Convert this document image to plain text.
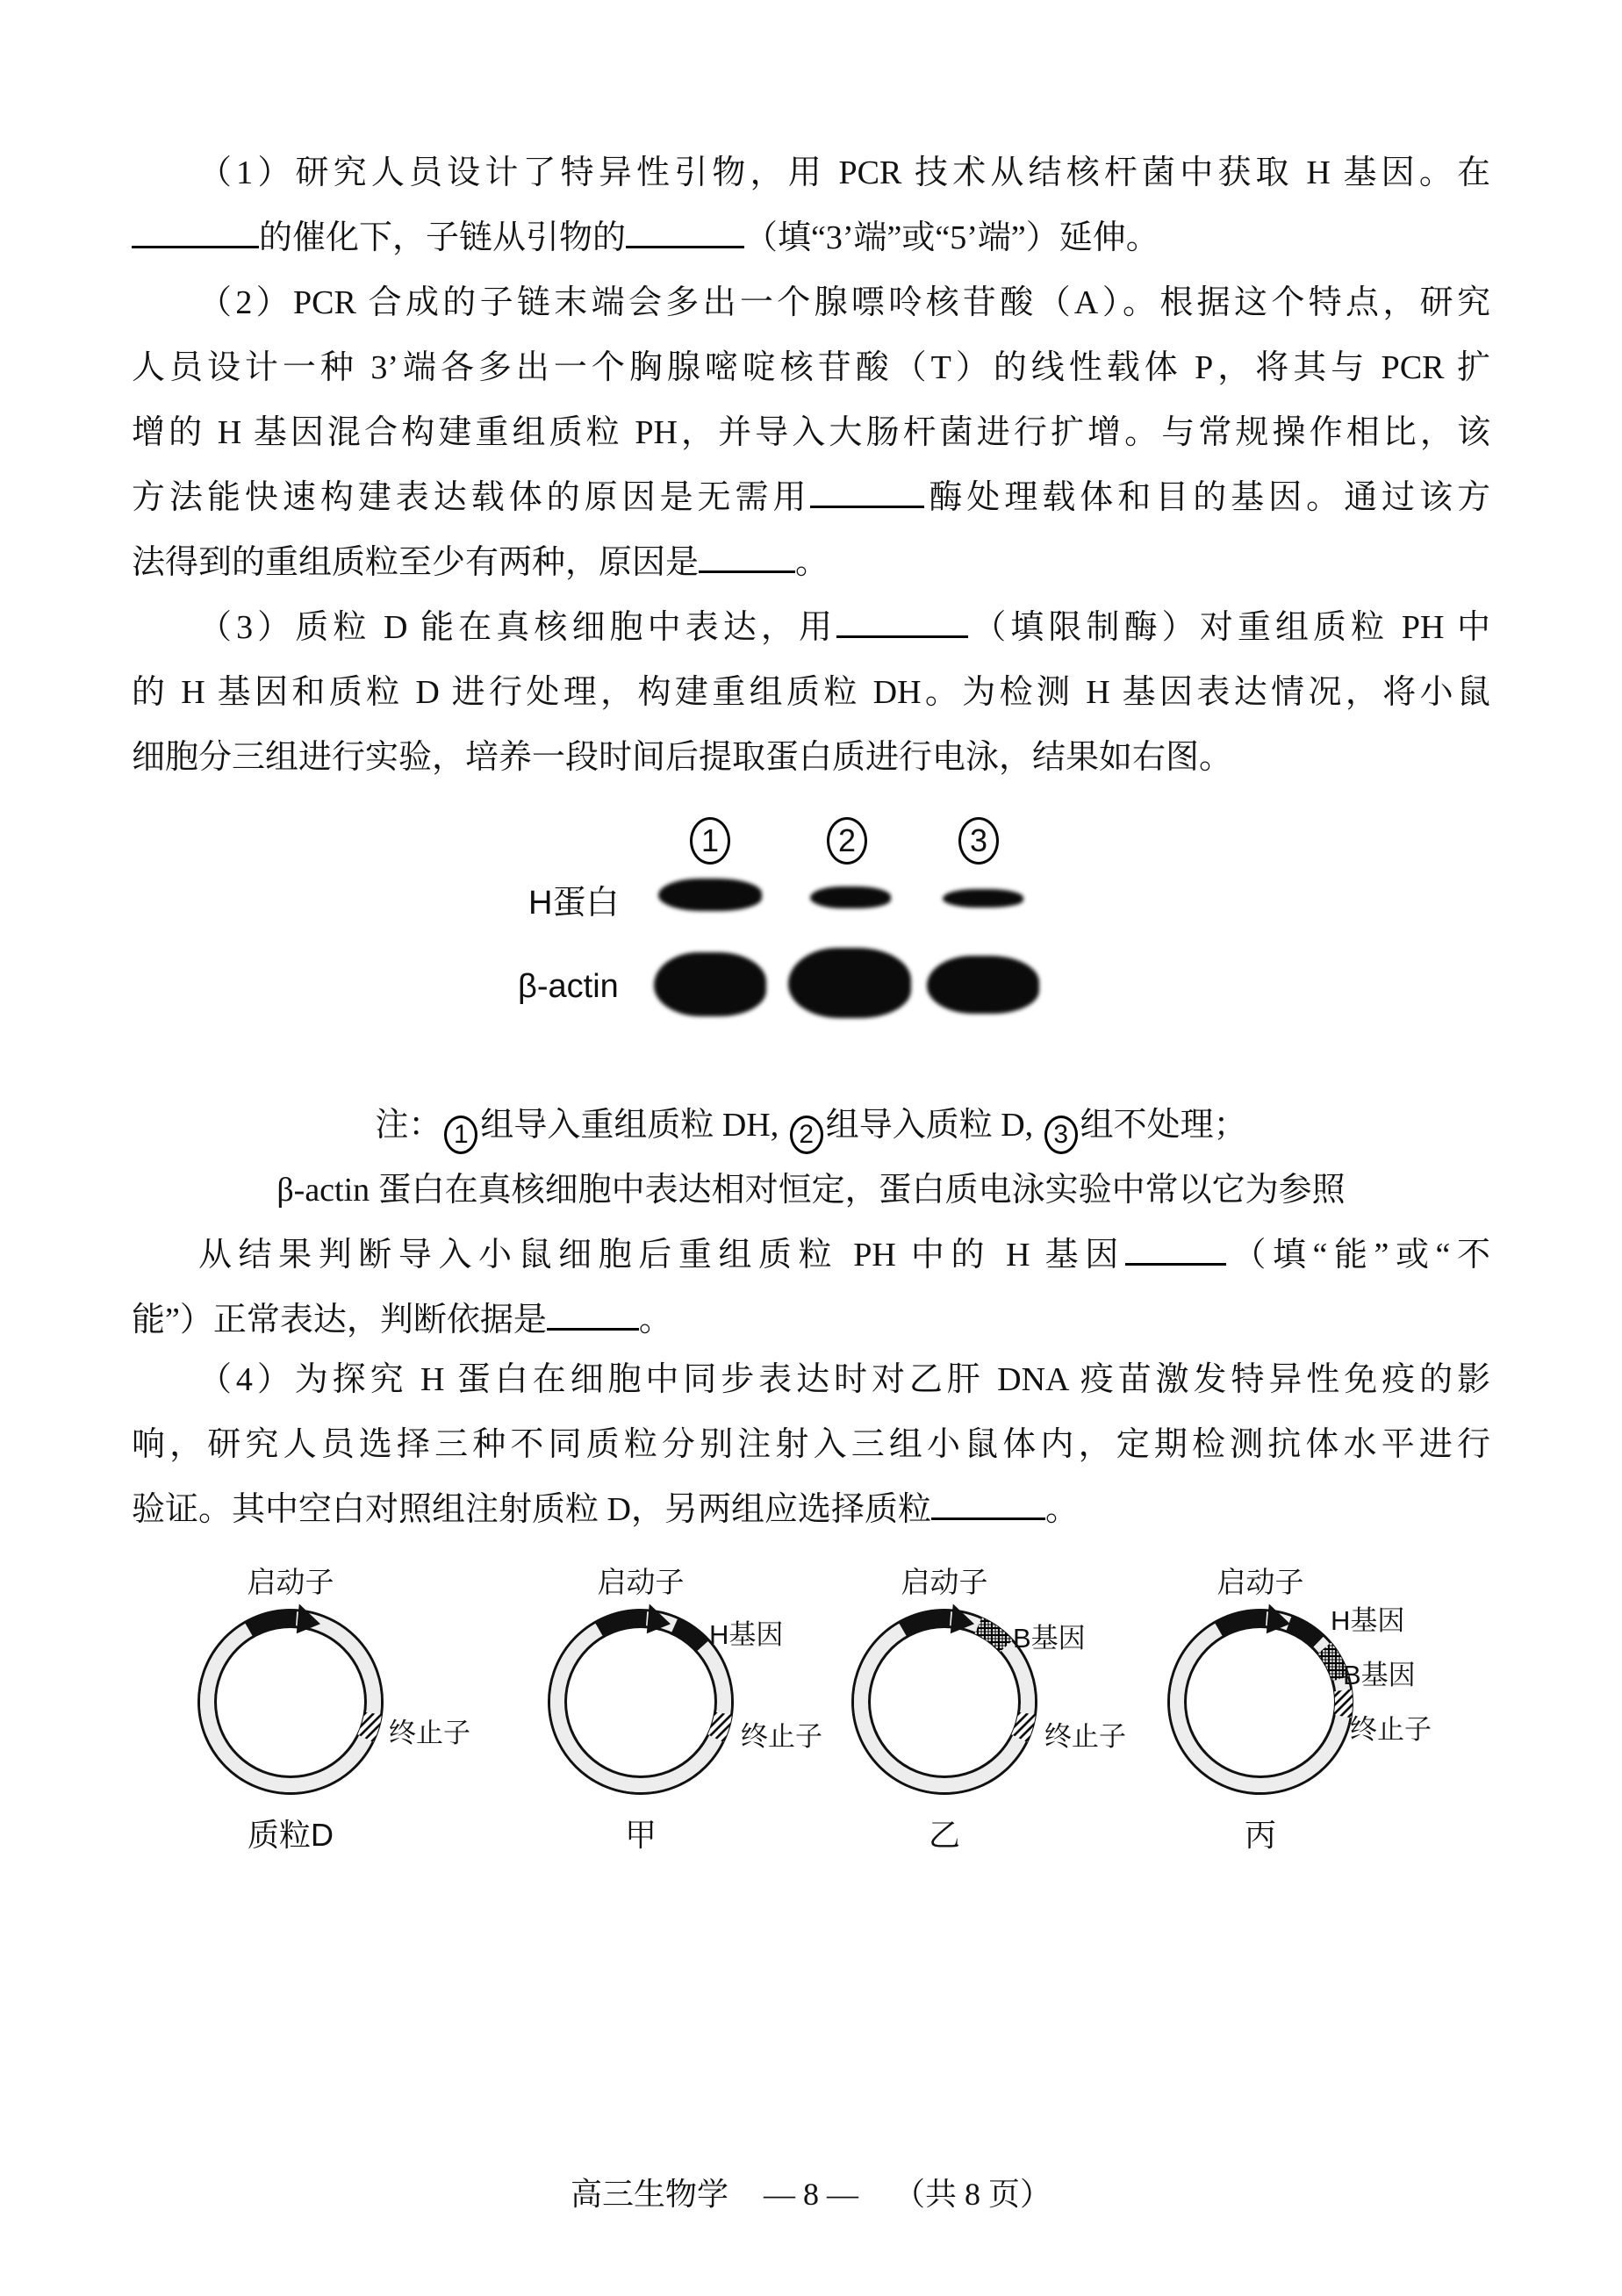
（1）研究人员设计了特异性引物，用 PCR 技术从结核杆菌中获取 H 基因。在
的催化下，子链从引物的	（填“3’端”或“5’端”）延伸。
（2）PCR 合成的子链末端会多出一个腺嘌呤核苷酸（A）。根据这个特点，研究
人员设计一种 3’端各多出一个胸腺嘧啶核苷酸（T）的线性载体 P，将其与 PCR 扩
增的 H 基因混合构建重组质粒 PH，并导入大肠杆菌进行扩增。与常规操作相比，该
方法能快速构建表达载体的原因是无需用	酶处理载体和目的基因。通过该方
法得到的重组质粒至少有两种，原因是	。
（3）质粒 D 能在真核细胞中表达，用	（填限制酶）对重组质粒 PH 中
的 H 基因和质粒 D 进行处理，构建重组质粒 DH。为检测 H 基因表达情况，将小鼠
细胞分三组进行实验，培养一段时间后提取蛋白质进行电泳，结果如右图。
1	2	3
H蛋白
β-actin
注： 1 组导入重组质粒 DH, 2 组导入质粒 D, 3 组不处理；
β-actin 蛋白在真核细胞中表达相对恒定，蛋白质电泳实验中常以它为参照
从结果判断导入小鼠细胞后重组质粒 PH 中的 H 基因	（填“能”或“不
能”）正常表达，判断依据是	。
（4）为探究 H 蛋白在细胞中同步表达时对乙肝 DNA 疫苗激发特异性免疫的影
响，研究人员选择三种不同质粒分别注射入三组小鼠体内，定期检测抗体水平进行
验证。其中空白对照组注射质粒 D，另两组应选择质粒	。
启动子
终止子
质粒D
启动子
H基因
终止子
甲
启动子
B基因
终止子
乙
H基因
B基因
终止子
启动子
丙
高三生物学 — 8 — （共 8 页）
